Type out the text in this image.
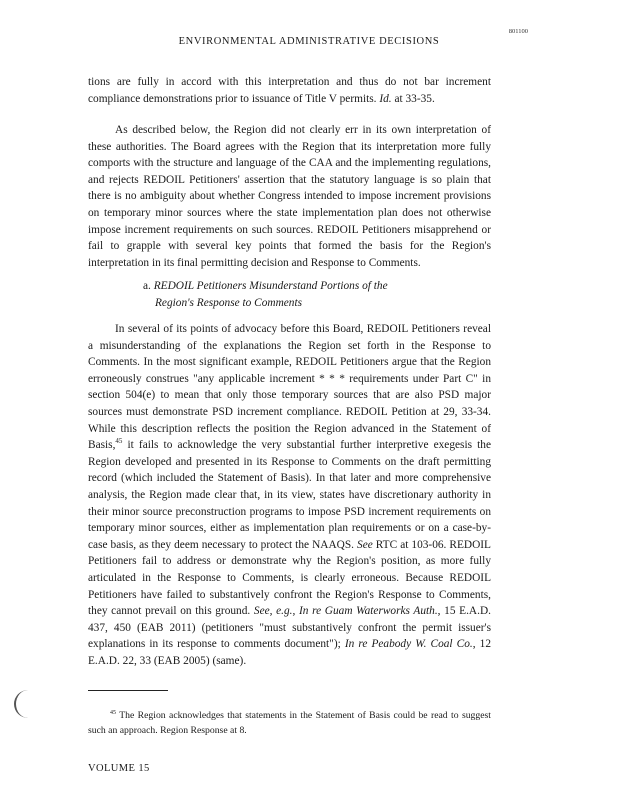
801100
ENVIRONMENTAL ADMINISTRATIVE DECISIONS

tions are fully in accord with this interpretation and thus do not bar increment compliance demonstrations prior to issuance of Title V permits. Id. at 33-35.

As described below, the Region did not clearly err in its own interpretation of these authorities. The Board agrees with the Region that its interpretation more fully comports with the structure and language of the CAA and the implementing regulations, and rejects REDOIL Petitioners' assertion that the statutory language is so plain that there is no ambiguity about whether Congress intended to impose increment provisions on temporary minor sources where the state implementation plan does not otherwise impose increment requirements on such sources. REDOIL Petitioners misapprehend or fail to grapple with several key points that formed the basis for the Region's interpretation in its final permitting decision and Response to Comments.

a. REDOIL Petitioners Misunderstand Portions of the
Region's Response to Comments

In several of its points of advocacy before this Board, REDOIL Petitioners reveal a misunderstanding of the explanations the Region set forth in the Response to Comments. In the most significant example, REDOIL Petitioners argue that the Region erroneously construes "any applicable increment * * * requirements under Part C" in section 504(e) to mean that only those temporary sources that are also PSD major sources must demonstrate PSD increment compliance. REDOIL Petition at 29, 33-34. While this description reflects the position the Region advanced in the Statement of Basis,$^{45}$ it fails to acknowledge the very substantial further interpretive exegesis the Region developed and presented in its Response to Comments on the draft permitting record (which included the Statement of Basis). In that later and more comprehensive analysis, the Region made clear that, in its view, states have discretionary authority in their minor source preconstruction programs to impose PSD increment requirements on temporary minor sources, either as implementation plan requirements or on a case-by-case basis, as they deem necessary to protect the NAAQS. See RTC at 103-06. REDOIL Petitioners fail to address or demonstrate why the Region's position, as more fully articulated in the Response to Comments, is clearly erroneous. Because REDOIL Petitioners have failed to substantively confront the Region's Response to Comments, they cannot prevail on this ground. See, e.g., In re Guam Waterworks Auth., 15 E.A.D. 437, 450 (EAB 2011) (petitioners "must substantively confront the permit issuer's explanations in its response to comments document"); In re Peabody W. Coal Co., 12 E.A.D. 22, 33 (EAB 2005) (same).

$^{45}$ The Region acknowledges that statements in the Statement of Basis could be read to suggest such an approach. Region Response at 8.
VOLUME 15
